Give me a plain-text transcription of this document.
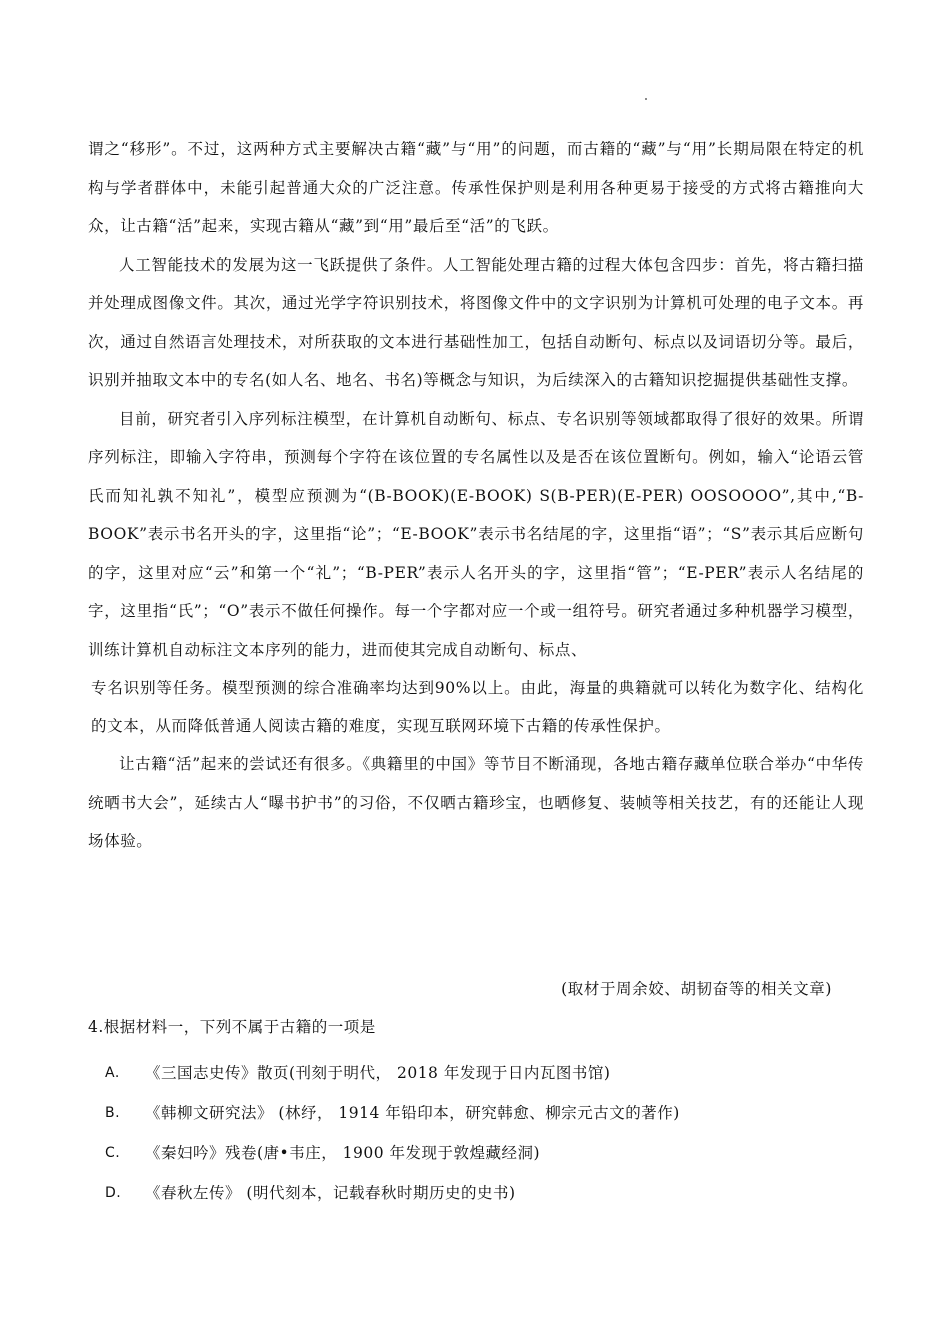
谓之“移形”。不过，这两种方式主要解决古籍“藏”与“用”的问题，而古籍的“藏”与“用”长期局限在特定的机构与学者群体中，未能引起普通大众的广泛注意。传承性保护则是利用各种更易于接受的方式将古籍推向大众，让古籍“活”起来，实现古籍从“藏”到“用”最后至“活”的飞跃。

人工智能技术的发展为这一飞跃提供了条件。人工智能处理古籍的过程大体包含四步：首先，将古籍扫描并处理成图像文件。其次，通过光学字符识别技术，将图像文件中的文字识别为计算机可处理的电子文本。再次，通过自然语言处理技术，对所获取的文本进行基础性加工，包括自动断句、标点以及词语切分等。最后，识别并抽取文本中的专名(如人名、地名、书名)等概念与知识，为后续深入的古籍知识挖掘提供基础性支撑。

目前，研究者引入序列标注模型，在计算机自动断句、标点、专名识别等领域都取得了很好的效果。所谓序列标注，即输入字符串，预测每个字符在该位置的专名属性以及是否在该位置断句。例如，输入“论语云管氏而知礼孰不知礼”，模型应预测为“(B-BOOK)(E-BOOK) S(B-PER)(E-PER) OOSOOOO”,其中,“B-BOOK”表示书名开头的字，这里指“论”；“E-BOOK”表示书名结尾的字，这里指“语”；“S”表示其后应断句的字，这里对应“云”和第一个“礼”；“B-PER”表示人名开头的字，这里指“管”；“E-PER”表示人名结尾的字，这里指“氏”；“O”表示不做任何操作。每一个字都对应一个或一组符号。研究者通过多种机器学习模型，训练计算机自动标注文本序列的能力，进而使其完成自动断句、标点、

专名识别等任务。模型预测的综合准确率均达到90%以上。由此，海量的典籍就可以转化为数字化、结构化的文本，从而降低普通人阅读古籍的难度，实现互联网环境下古籍的传承性保护。

让古籍“活”起来的尝试还有很多。《典籍里的中国》等节目不断涌现，各地古籍存藏单位联合举办“中华传统晒书大会”，延续古人“曝书护书”的习俗，不仅晒古籍珍宝，也晒修复、装帧等相关技艺，有的还能让人现场体验。

(取材于周余姣、胡韧奋等的相关文章)

4.根据材料一，下列不属于古籍的一项是

A.	《三国志史传》散页(刊刻于明代， 2018 年发现于日内瓦图书馆)
B.	《韩柳文研究法》 (林纾， 1914 年铅印本，研究韩愈、柳宗元古文的著作)
C.	《秦妇吟》残卷(唐•韦庄， 1900 年发现于敦煌藏经洞)
D.	《春秋左传》 (明代刻本，记载春秋时期历史的史书)
